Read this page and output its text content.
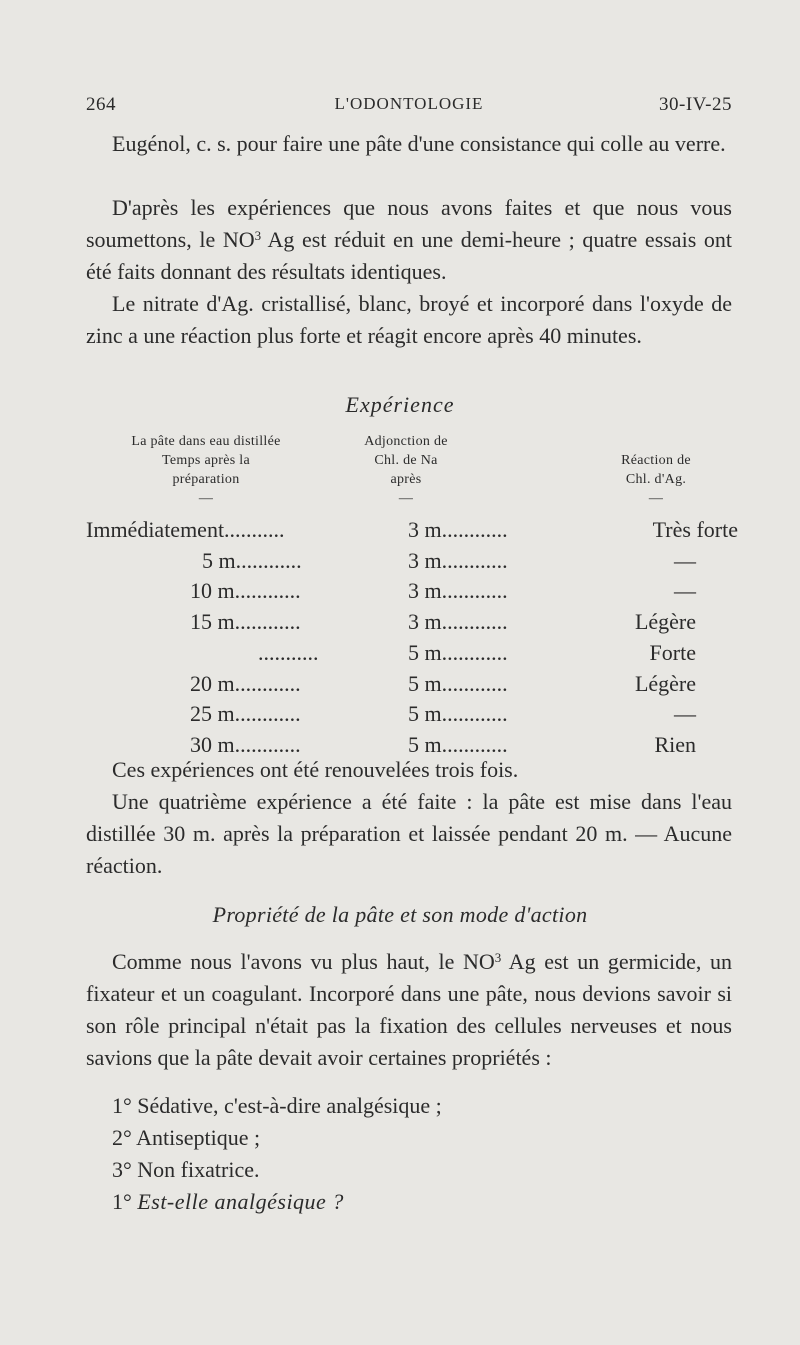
264	L'ODONTOLOGIE	30-IV-25

Eugénol, c. s. pour faire une pâte d'une consistance qui colle au verre.

D'après les expériences que nous avons faites et que nous vous soumettons, le $NO^3$ Ag est réduit en une demi-heure ; quatre essais ont été faits donnant des résultats identiques.

Le nitrate d'Ag. cristallisé, blanc, broyé et incorporé dans l'oxyde de zinc a une réaction plus forte et réagit encore après 40 minutes.

Expérience
La pâte dans eau distillée
Temps après la
préparation
—
Adjonction de
Chl. de Na
après
—
Réaction de
Chl. d'Ag.
—
Immédiatement...........	3 m............	Très forte
5 m............	3 m............	—
10 m............	3 m............	—
15 m............	3 m............	Légère
...........	5 m............	Forte
20 m............	5 m............	Légère
25 m............	5 m............	—
30 m............	5 m............	Rien

Ces expériences ont été renouvelées trois fois.

Une quatrième expérience a été faite : la pâte est mise dans l'eau distillée 30 m. après la préparation et laissée pendant 20 m. — Aucune réaction.

Propriété de la pâte et son mode d'action

Comme nous l'avons vu plus haut, le $NO^3$ Ag est un germicide, un fixateur et un coagulant. Incorporé dans une pâte, nous devions savoir si son rôle principal n'était pas la fixation des cellules nerveuses et nous savions que la pâte devait avoir certaines propriétés :

1° Sédative, c'est-à-dire analgésique ;
2° Antiseptique ;
3° Non fixatrice.
1° Est-elle analgésique ?
